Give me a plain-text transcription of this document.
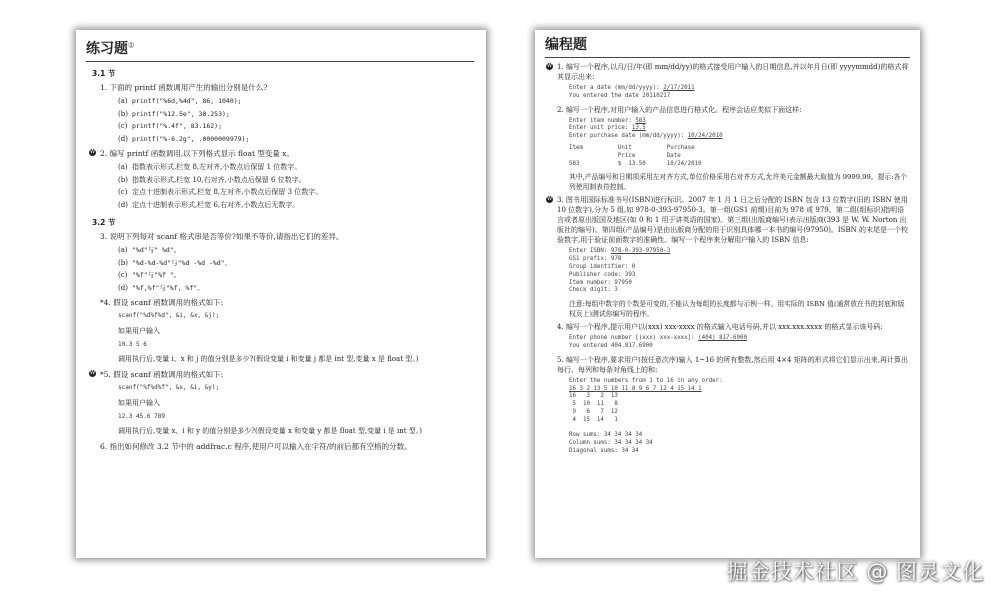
练习题①
3.1 节
1. 下面的 printf 函数调用产生的输出分别是什么?
(a) printf("%6d,%4d", 86, 1040);
(b) printf("%12.5e", 30.253);
(c) printf("%.4f", 83.162);
(d) printf("%-6.2g", .0000009979);
W 2. 编写 printf 函数调用,以下列格式显示 float 型变量 x。
(a) 指数表示形式,栏宽 8,左对齐,小数点后保留 1 位数字。
(b) 指数表示形式,栏宽 10,右对齐,小数点后保留 6 位数字。
(c) 定点十进制表示形式,栏宽 8,左对齐,小数点后保留 3 位数字。
(d) 定点十进制表示形式,栏宽 6,右对齐,小数点后无数字。
3.2 节
3. 说明下列每对 scanf 格式串是否等价?如果不等价,请指出它们的差异。
(a) "%d"与" %d"。
(b) "%d-%d-%d"与"%d -%d -%d"。
(c) "%f"与"%f "。
(d) "%f,%f"与"%f, %f"。
*4. 假设 scanf 函数调用的格式如下:
scanf("%d%f%d", &i, &x, &j);
如果用户输入
10.3 5 6
调用执行后,变量 i、x 和 j 的值分别是多少?(假设变量 i 和变量 j 都是 int 型,变量 x 是 float 型。)
W *5. 假设 scanf 函数调用的格式如下:
scanf("%f%d%f", &x, &i, &y);
如果用户输入
12.3 45.6 789
调用执行后,变量 x、i 和 y 的值分别是多少?(假设变量 x 和变量 y 都是 float 型,变量 i 是 int 型。)
6. 指出如何修改 3.2 节中的 addfrac.c 程序,使用户可以输入在字符/的前后都有空格的分数。
编程题
W 1. 编写一个程序,以月/日/年(即 mm/dd/yy)的格式接受用户输入的日期信息,并以年月日(即 yyyymmdd)的格式将其显示出来:
Enter a date (mm/dd/yyyy): 2/17/2011
You entered the date 20110217
2. 编写一个程序,对用户输入的产品信息进行格式化。程序会话应类似下面这样:
Enter item number: 583
Enter unit price: 13.5
Enter purchase date (mm/dd/yyyy): 10/24/2010
Item          Unit          Purchase
Price         Date
583           $  13.50      10/24/2010
其中,产品编号和日期项采用左对齐方式,单位价格采用右对齐方式,允许美元金额最大取值为 9999.99。提示:各个列使用制表符控制。
W 3. 图书用国际标准书号(ISBN)进行标识。2007 年 1 月 1 日之后分配的 ISBN 包含 13 位数字(旧的 ISBN 使用 10 位数字),分为 5 组,如 978-0-393-97950-3。第一组(GS1 前缀)目前为 978 或 979。第二组(组标识)指明语言或者原出版国及地区(如 0 和 1 用于讲英语的国家)。第三组(出版商编号)表示出版商(393 是 W. W. Norton 出版社的编号)。第四组(产品编号)是由出版商分配的用于识别具体哪一本书的编号(97950)。ISBN 的末尾是一个校验数字,用于验证前面数字的准确性。编写一个程序来分解用户输入的 ISBN 信息:
Enter ISBN: 978-0-393-97950-3
GS1 prefix: 978
Group identifier: 0
Publisher code: 393
Item number: 97950
Check digit: 3
注意:每组中数字的个数是可变的,不能认为每组的长度都与示例一样。用实际的 ISBN 值(通常放在书的封底和版权页上)测试你编写的程序。
4. 编写一个程序,提示用户以(xxx) xxx-xxxx 的格式输入电话号码,并以 xxx.xxx.xxxx 的格式显示该号码:
Enter phone number [(xxx) xxx-xxxx]: (404) 817-6900
You entered 404.817.6900
5. 编写一个程序,要求用户(按任意次序)输入 1~16 的所有整数,然后用 4×4 矩阵的形式将它们显示出来,再计算出每行、每列和每条对角线上的和:
Enter the numbers from 1 to 16 in any order:
16 3 2 13 5 10 11 8 9 6 7 12 4 15 14 1
16   3   2  13
5  10  11   8
9   6   7  12
4  15  14   1

Row sums: 34 34 34 34
Column sums: 34 34 34 34
Diagonal sums: 34 34
掘金技术社区 @ 图灵文化
